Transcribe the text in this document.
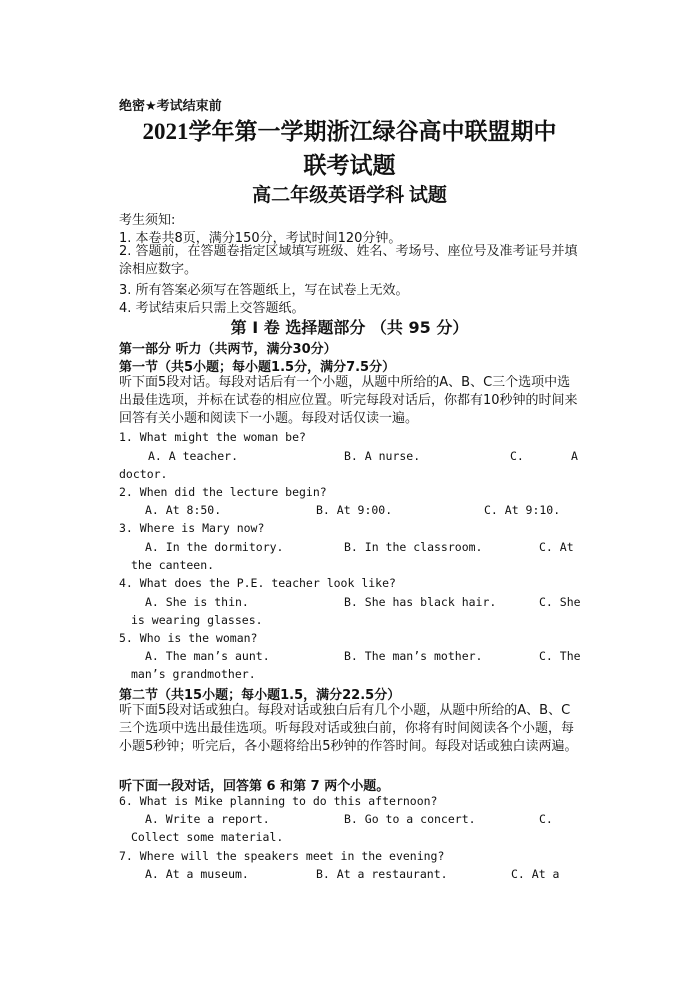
绝密★考试结束前
2021学年第一学期浙江绿谷高中联盟期中
联考试题
高二年级英语学科 试题
考生须知:
1. 本卷共8页，满分150分，考试时间120分钟。
2. 答题前，在答题卷指定区域填写班级、姓名、考场号、座位号及准考证号并填涂相应数字。
3. 所有答案必须写在答题纸上，写在试卷上无效。
4. 考试结束后只需上交答题纸。
第 Ⅰ 卷 选择题部分 （共 95 分）
第一部分 听力（共两节，满分30分）
第一节（共5小题；每小题1.5分，满分7.5分）
听下面5段对话。每段对话后有一个小题，从题中所给的A、B、C三个选项中选出最佳选项，并标在试卷的相应位置。听完每段对话后，你都有10秒钟的时间来回答有关小题和阅读下一小题。每段对话仅读一遍。
1. What might the woman be?
A. A teacher.	B. A nurse.	C.	A
doctor.
2. When did the lecture begin?
A. At 8:50.	B. At 9:00.	C. At 9:10.
3. Where is Mary now?
A. In the dormitory.	B. In the classroom.	C. At
the canteen.
4. What does the P.E. teacher look like?
A. She is thin.	B. She has black hair.	C. She
is wearing glasses.
5. Who is the woman?
A. The man’s aunt.	B. The man’s mother.	C. The
man’s grandmother.
第二节（共15小题；每小题1.5，满分22.5分）
听下面5段对话或独白。每段对话或独白后有几个小题，从题中所给的A、B、C三个选项中选出最佳选项。听每段对话或独白前，你将有时间阅读各个小题，每小题5秒钟；听完后，各小题将给出5秒钟的作答时间。每段对话或独白读两遍。
听下面一段对话，回答第 6 和第 7 两个小题。
6. What is Mike planning to do this afternoon?
A. Write a report.	B. Go to a concert.	C.
Collect some material.
7. Where will the speakers meet in the evening?
A. At a museum.	B. At a restaurant.	C. At a
